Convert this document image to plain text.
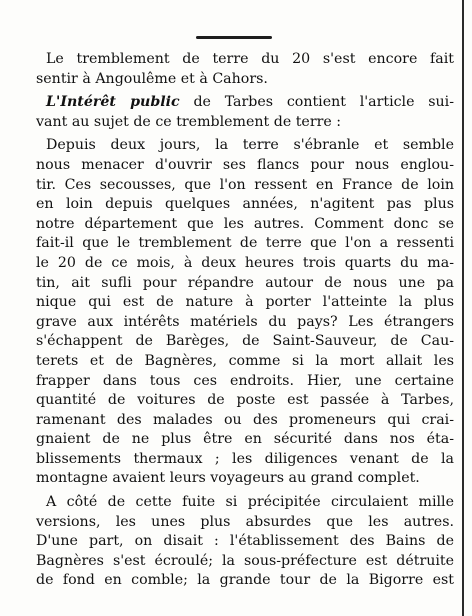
Le tremblement de terre du 20 s'est encore fait
sentir à Angoulême et à Cahors.

L'Intérêt public de Tarbes contient l'article sui-
vant au sujet de ce tremblement de terre :

Depuis deux jours, la terre s'ébranle et semble
nous menacer d'ouvrir ses flancs pour nous englou-
tir. Ces secousses, que l'on ressent en France de loin
en loin depuis quelques années, n'agitent pas plus
notre département que les autres. Comment donc se
fait-il que le tremblement de terre que l'on a ressenti
le 20 de ce mois, à deux heures trois quarts du ma-
tin, ait sufli pour répandre autour de nous une pa
nique qui est de nature à porter l'atteinte la plus
grave aux intérêts matériels du pays? Les étrangers
s'échappent de Barèges, de Saint-Sauveur, de Cau-
terets et de Bagnères, comme si la mort allait les
frapper dans tous ces endroits. Hier, une certaine
quantité de voitures de poste est passée à Tarbes,
ramenant des malades ou des promeneurs qui crai-
gnaient de ne plus être en sécurité dans nos éta-
blissements thermaux ; les diligences venant de la
montagne avaient leurs voyageurs au grand complet.

A côté de cette fuite si précipitée circulaient mille
versions, les unes plus absurdes que les autres.
D'une part, on disait : l'établissement des Bains de
Bagnères s'est écroulé; la sous-préfecture est détruite
de fond en comble; la grande tour de la Bigorre est
